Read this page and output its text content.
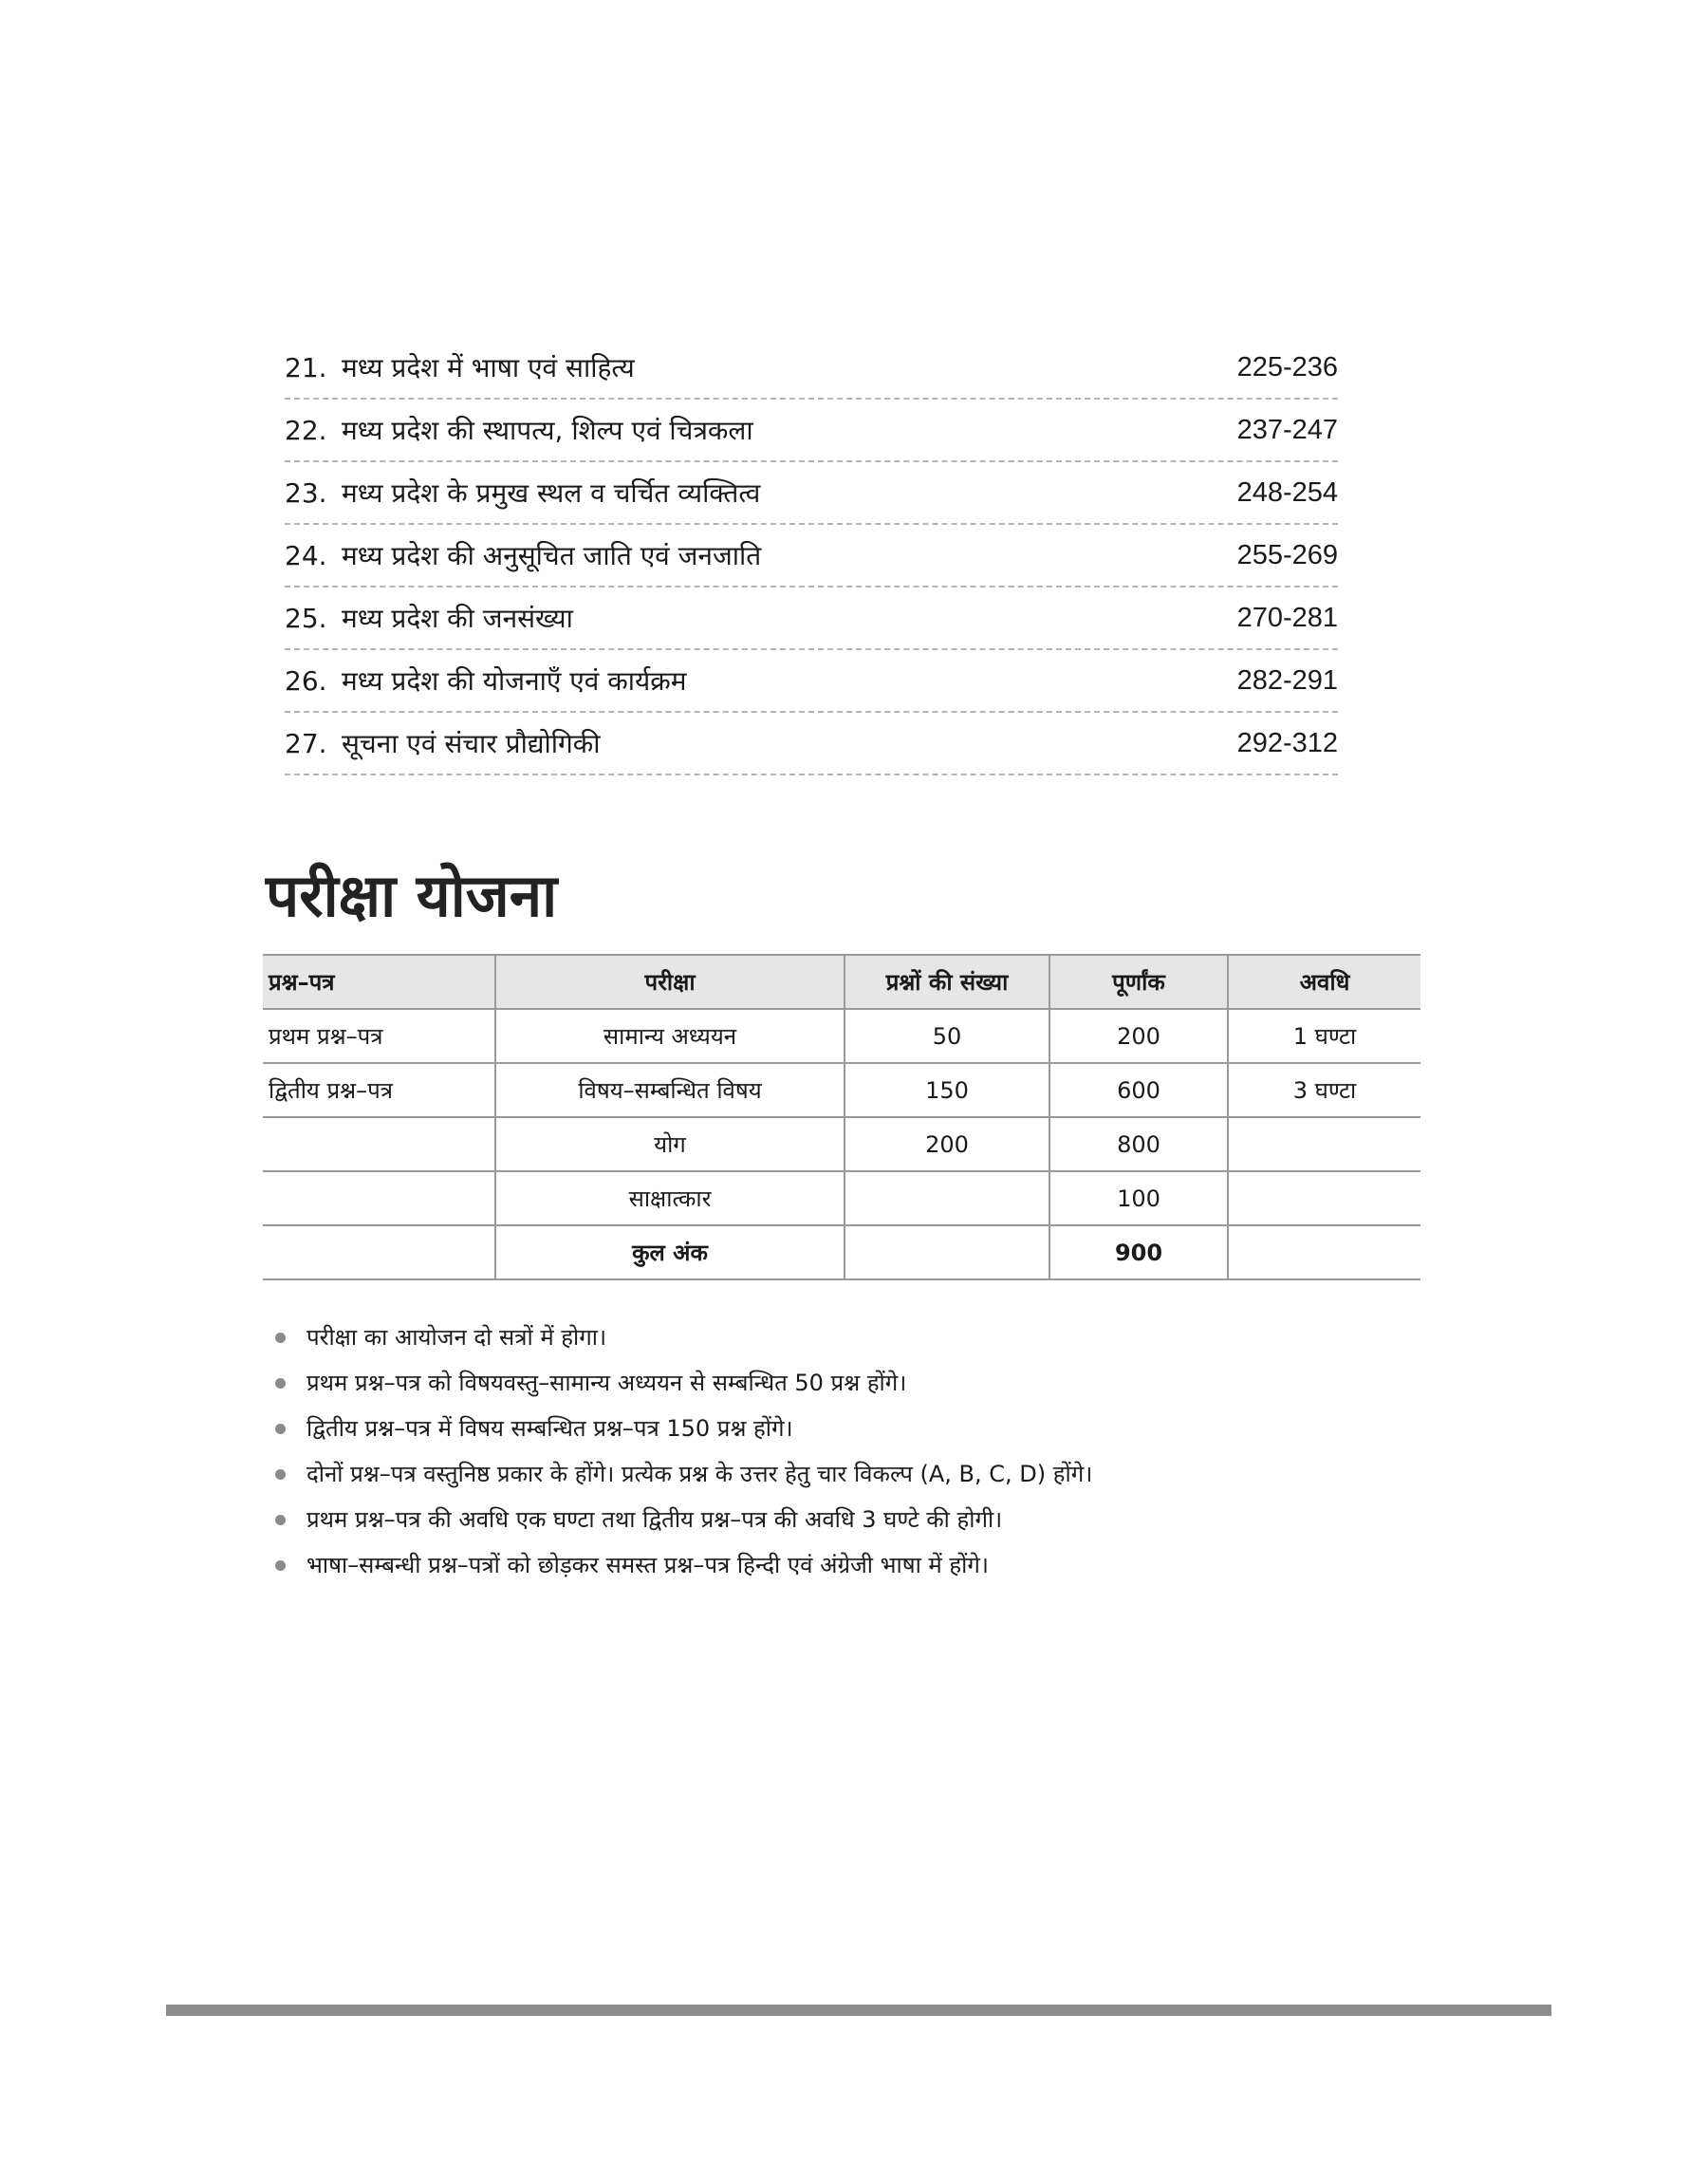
21. मध्य प्रदेश में भाषा एवं साहित्य	225-236
22. मध्य प्रदेश की स्थापत्य, शिल्प एवं चित्रकला	237-247
23. मध्य प्रदेश के प्रमुख स्थल व चर्चित व्यक्तित्व	248-254
24. मध्य प्रदेश की अनुसूचित जाति एवं जनजाति	255-269
25. मध्य प्रदेश की जनसंख्या	270-281
26. मध्य प्रदेश की योजनाएँ एवं कार्यक्रम	282-291
27. सूचना एवं संचार प्रौद्योगिकी	292-312
परीक्षा योजना
प्रश्न–पत्र	परीक्षा	प्रश्नों की संख्या	पूर्णांक	अवधि
प्रथम प्रश्न–पत्र	सामान्य अध्ययन	50	200	1 घण्टा
द्वितीय प्रश्न–पत्र	विषय–सम्बन्धित विषय	150	600	3 घण्टा
	योग	200	800	
	साक्षात्कार		100	
	कुल अंक		900	
परीक्षा का आयोजन दो सत्रों में होगा।
प्रथम प्रश्न–पत्र को विषयवस्तु–सामान्य अध्ययन से सम्बन्धित 50 प्रश्न होंगे।
द्वितीय प्रश्न–पत्र में विषय सम्बन्धित प्रश्न–पत्र 150 प्रश्न होंगे।
दोनों प्रश्न–पत्र वस्तुनिष्ठ प्रकार के होंगे। प्रत्येक प्रश्न के उत्तर हेतु चार विकल्प (A, B, C, D) होंगे।
प्रथम प्रश्न–पत्र की अवधि एक घण्टा तथा द्वितीय प्रश्न–पत्र की अवधि 3 घण्टे की होगी।
भाषा–सम्बन्धी प्रश्न–पत्रों को छोड़कर समस्त प्रश्न–पत्र हिन्दी एवं अंग्रेजी भाषा में होंगे।
